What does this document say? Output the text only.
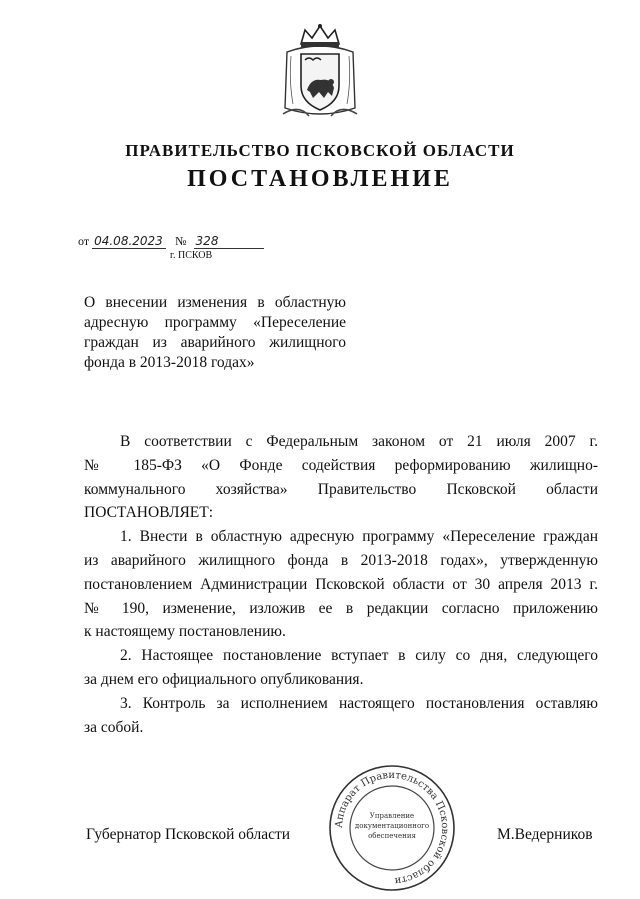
ПРАВИТЕЛЬСТВО ПСКОВСКОЙ ОБЛАСТИ
ПОСТАНОВЛЕНИЕ
от 04.08.2023 № 328
г. ПСКОВ
О внесении изменения в областную
адресную программу «Переселение
граждан из аварийного жилищного
фонда в 2013-2018 годах»
В соответствии с Федеральным законом от 21 июля 2007 г.
№ 185-ФЗ «О Фонде содействия реформированию жилищно-
коммунального хозяйства» Правительство Псковской области
ПОСТАНОВЛЯЕТ:
1. Внести в областную адресную программу «Переселение граждан
из аварийного жилищного фонда в 2013-2018 годах», утвержденную
постановлением Администрации Псковской области от 30 апреля 2013 г.
№ 190, изменение, изложив ее в редакции согласно приложению
к настоящему постановлению.
2. Настоящее постановление вступает в силу со дня, следующего
за днем его официального опубликования.
3. Контроль за исполнением настоящего постановления оставляю
за собой.
Губернатор Псковской области	М.Ведерников
Аппарат Правительства Псковской области
Управление
документационного
обеспечения
